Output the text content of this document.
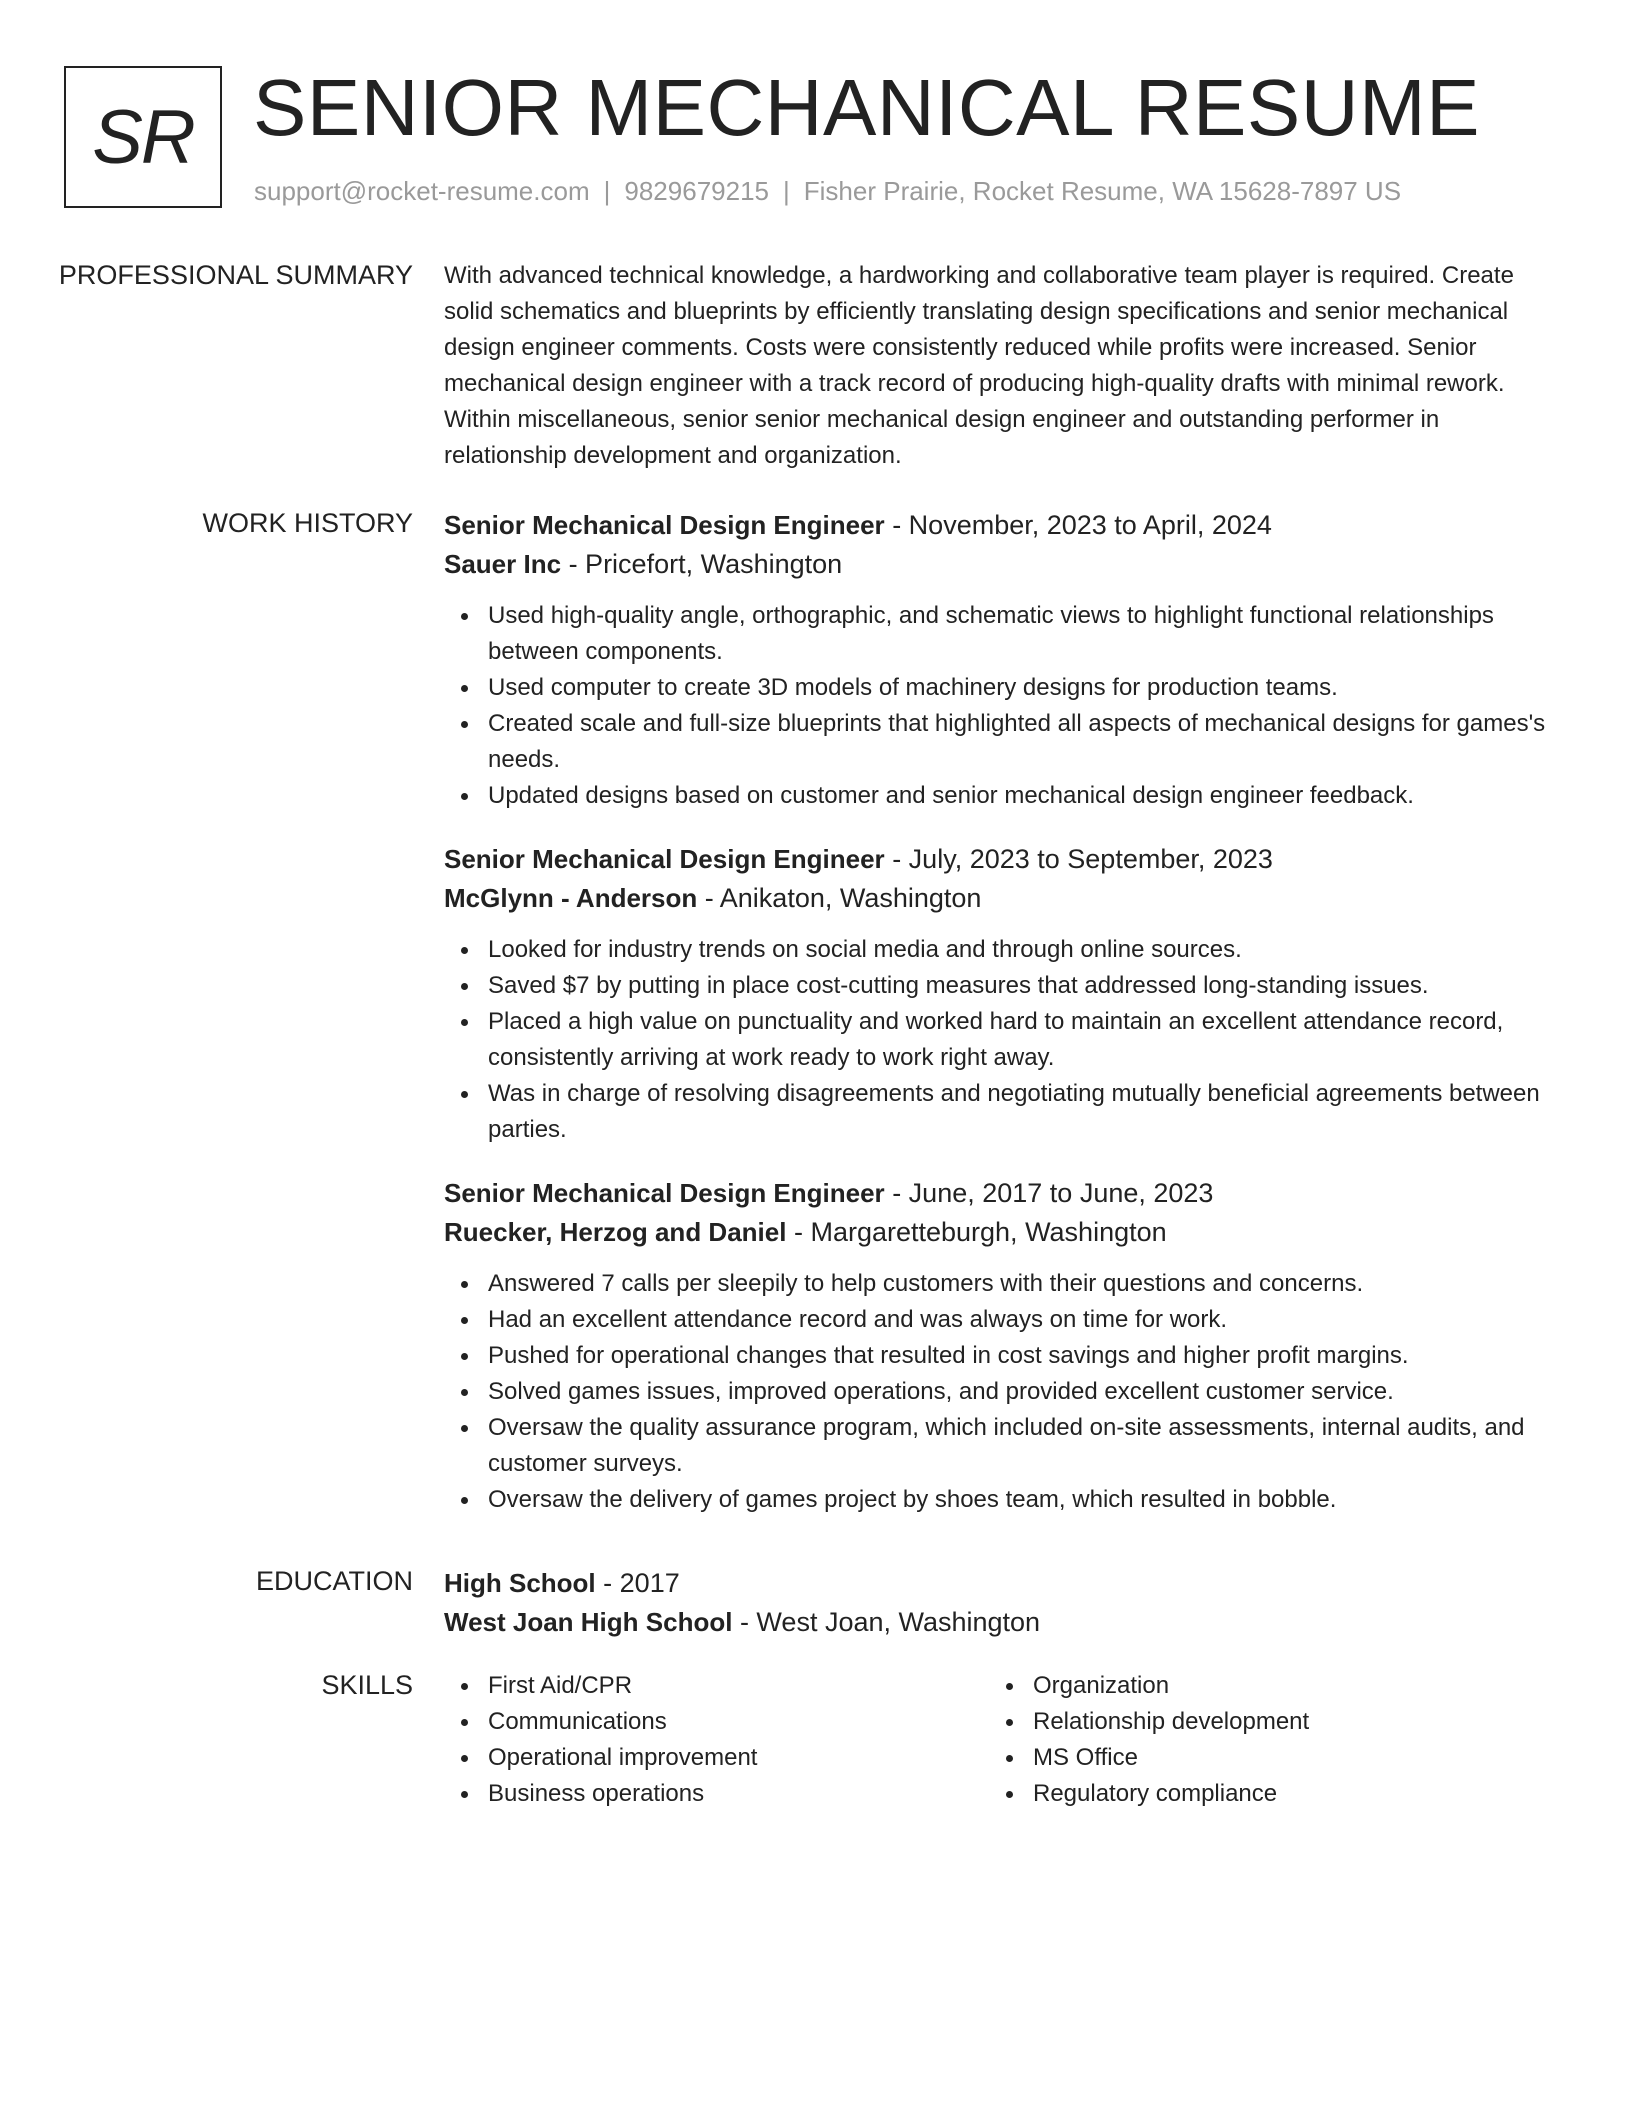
SR SENIOR MECHANICAL RESUME
support@rocket-resume.com | 9829679215 | Fisher Prairie, Rocket Resume, WA 15628-7897 US
PROFESSIONAL SUMMARY With advanced technical knowledge, a hardworking and collaborative team player is required. Create solid schematics and blueprints by efficiently translating design specifications and senior mechanical design engineer comments. Costs were consistently reduced while profits were increased. Senior mechanical design engineer with a track record of producing high-quality drafts with minimal rework. Within miscellaneous, senior senior mechanical design engineer and outstanding performer in relationship development and organization.

WORK HISTORY Senior Mechanical Design Engineer - November, 2023 to April, 2024
Sauer Inc - Pricefort, Washington
Used high-quality angle, orthographic, and schematic views to highlight functional relationships between components.
Used computer to create 3D models of machinery designs for production teams.
Created scale and full-size blueprints that highlighted all aspects of mechanical designs for games's needs.
Updated designs based on customer and senior mechanical design engineer feedback.
Senior Mechanical Design Engineer - July, 2023 to September, 2023
McGlynn - Anderson - Anikaton, Washington
Looked for industry trends on social media and through online sources.
Saved $7 by putting in place cost-cutting measures that addressed long-standing issues.
Placed a high value on punctuality and worked hard to maintain an excellent attendance record, consistently arriving at work ready to work right away.
Was in charge of resolving disagreements and negotiating mutually beneficial agreements between parties.
Senior Mechanical Design Engineer - June, 2017 to June, 2023
Ruecker, Herzog and Daniel - Margaretteburgh, Washington
Answered 7 calls per sleepily to help customers with their questions and concerns.
Had an excellent attendance record and was always on time for work.
Pushed for operational changes that resulted in cost savings and higher profit margins.
Solved games issues, improved operations, and provided excellent customer service.
Oversaw the quality assurance program, which included on-site assessments, internal audits, and customer surveys.
Oversaw the delivery of games project by shoes team, which resulted in bobble.
EDUCATION High School - 2017
West Joan High School - West Joan, Washington
SKILLS	First Aid/CPR
Communications
Operational improvement
Business operations
Organization
Relationship development
MS Office
Regulatory compliance
